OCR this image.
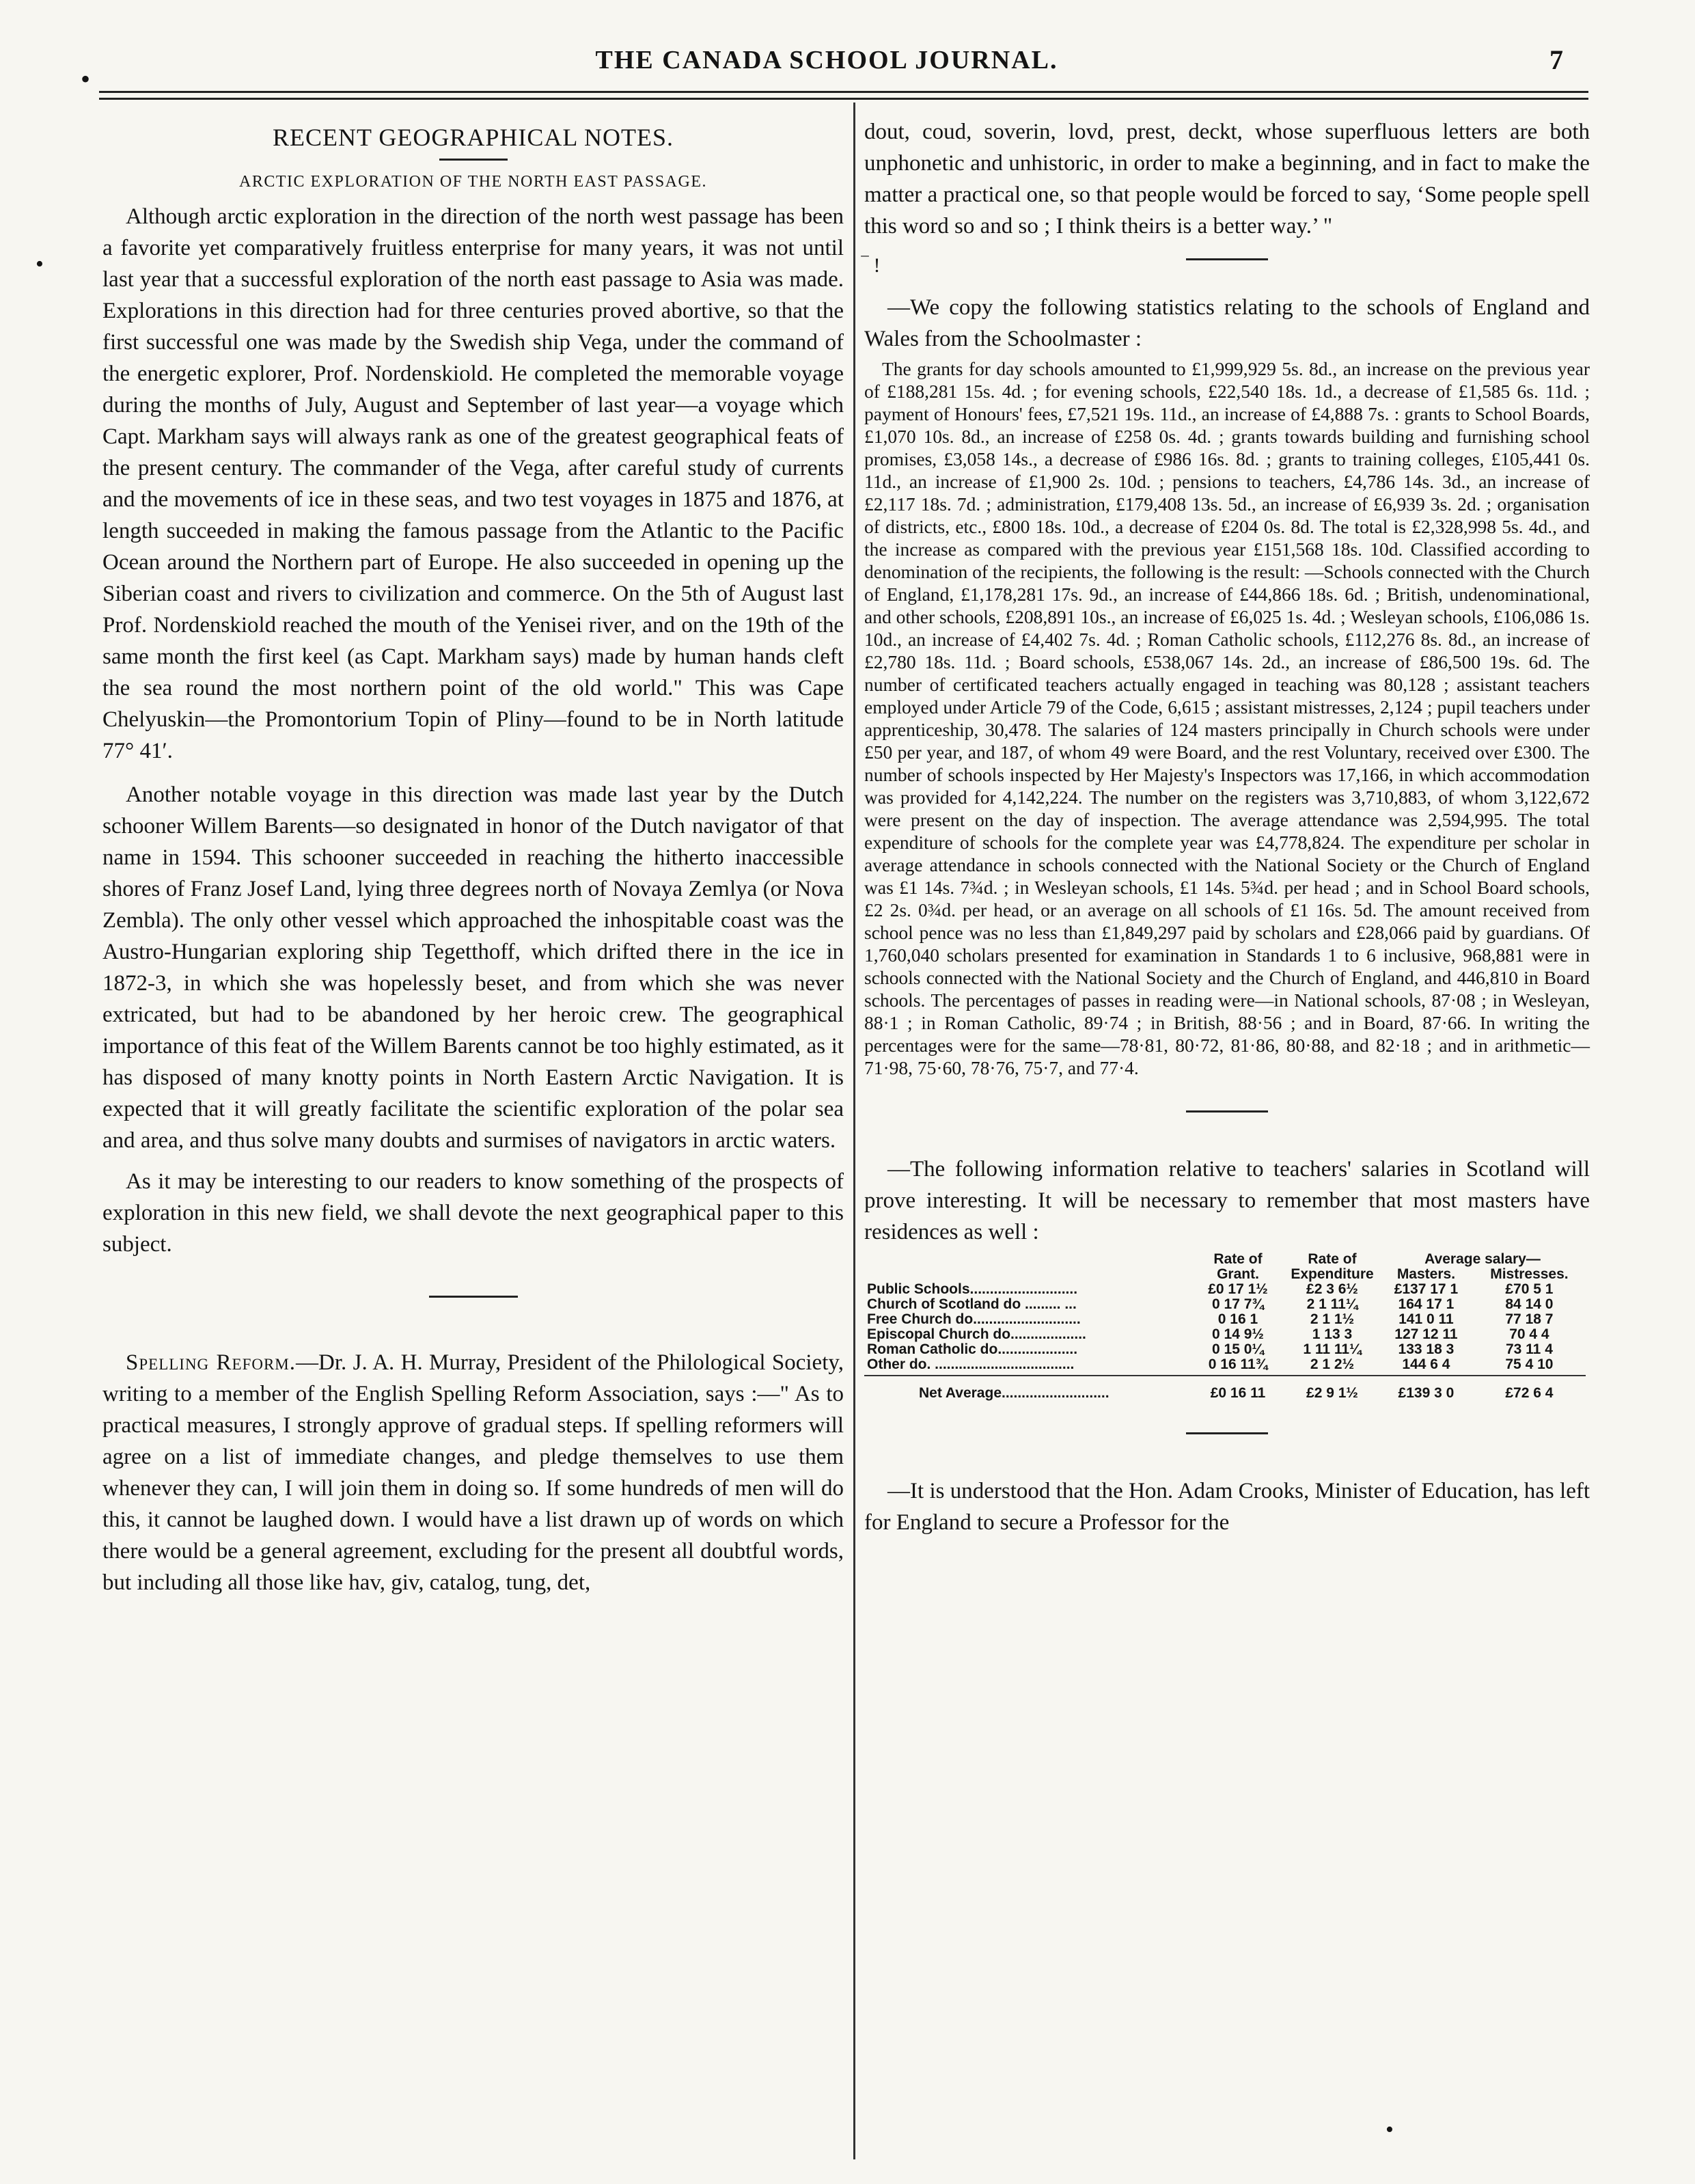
•
THE CANADA SCHOOL JOURNAL.	7
•
•
RECENT GEOGRAPHICAL NOTES.
ARCTIC EXPLORATION OF THE NORTH EAST PASSAGE.

Although arctic exploration in the direction of the north west passage has been a favorite yet comparatively fruitless enterprise for many years, it was not until last year that a successful exploration of the north east passage to Asia was made. Explorations in this direction had for three centuries proved abortive, so that the first successful one was made by the Swedish ship Vega, under the command of the energetic explorer, Prof. Nordenskiold. He completed the memorable voyage during the months of July, August and September of last year—a voyage which Capt. Markham says will always rank as one of the greatest geographical feats of the present century. The commander of the Vega, after careful study of currents and the movements of ice in these seas, and two test voyages in 1875 and 1876, at length succeeded in making the famous passage from the Atlantic to the Pacific Ocean around the Northern part of Europe. He also succeeded in opening up the Siberian coast and rivers to civilization and commerce. On the 5th of August last Prof. Nordenskiold reached the mouth of the Yenisei river, and on the 19th of the same month the first keel (as Capt. Markham says) made by human hands cleft the sea round the most northern point of the old world." This was Cape Chelyuskin—the Promontorium Topin of Pliny—found to be in North latitude 77° 41′.

Another notable voyage in this direction was made last year by the Dutch schooner Willem Barents—so designated in honor of the Dutch navigator of that name in 1594. This schooner succeeded in reaching the hitherto inaccessible shores of Franz Josef Land, lying three degrees north of Novaya Zemlya (or Nova Zembla). The only other vessel which approached the inhospitable coast was the Austro-Hungarian exploring ship Tegetthoff, which drifted there in the ice in 1872-3, in which she was hopelessly beset, and from which she was never extricated, but had to be abandoned by her heroic crew. The geographical importance of this feat of the Willem Barents cannot be too highly estimated, as it has disposed of many knotty points in North Eastern Arctic Navigation. It is expected that it will greatly facilitate the scientific exploration of the polar sea and area, and thus solve many doubts and surmises of navigators in arctic waters.

As it may be interesting to our readers to know something of the prospects of exploration in this new field, we shall devote the next geographical paper to this subject.

Spelling Reform.—Dr. J. A. H. Murray, President of the Philological Society, writing to a member of the English Spelling Reform Association, says :—" As to practical measures, I strongly approve of gradual steps. If spelling reformers will agree on a list of immediate changes, and pledge themselves to use them whenever they can, I will join them in doing so. If some hundreds of men will do this, it cannot be laughed down. I would have a list drawn up of words on which there would be a general agreement, excluding for the present all doubtful words, but including all those like hav, giv, catalog, tung, det,

dout, coud, soverin, lovd, prest, deckt, whose superfluous letters are both unphonetic and unhistoric, in order to make a beginning, and in fact to make the matter a practical one, so that people would be forced to say, ‘Some people spell this word so and so ; I think theirs is a better way.’ "

‾ !

—We copy the following statistics relating to the schools of England and Wales from the Schoolmaster :

The grants for day schools amounted to £1,999,929 5s. 8d., an increase on the previous year of £188,281 15s. 4d. ; for evening schools, £22,540 18s. 1d., a decrease of £1,585 6s. 11d. ; payment of Honours' fees, £7,521 19s. 11d., an increase of £4,888 7s. : grants to School Boards, £1,070 10s. 8d., an increase of £258 0s. 4d. ; grants towards building and furnishing school promises, £3,058 14s., a decrease of £986 16s. 8d. ; grants to training colleges, £105,441 0s. 11d., an increase of £1,900 2s. 10d. ; pensions to teachers, £4,786 14s. 3d., an increase of £2,117 18s. 7d. ; administration, £179,408 13s. 5d., an increase of £6,939 3s. 2d. ; organisation of districts, etc., £800 18s. 10d., a decrease of £204 0s. 8d. The total is £2,328,998 5s. 4d., and the increase as compared with the previous year £151,568 18s. 10d. Classified according to denomination of the recipients, the following is the result: —Schools connected with the Church of England, £1,178,281 17s. 9d., an increase of £44,866 18s. 6d. ; British, undenominational, and other schools, £208,891 10s., an increase of £6,025 1s. 4d. ; Wesleyan schools, £106,086 1s. 10d., an increase of £4,402 7s. 4d. ; Roman Catholic schools, £112,276 8s. 8d., an increase of £2,780 18s. 11d. ; Board schools, £538,067 14s. 2d., an increase of £86,500 19s. 6d. The number of certificated teachers actually engaged in teaching was 80,128 ; assistant teachers employed under Article 79 of the Code, 6,615 ; assistant mistresses, 2,124 ; pupil teachers under apprenticeship, 30,478. The salaries of 124 masters principally in Church schools were under £50 per year, and 187, of whom 49 were Board, and the rest Voluntary, received over £300. The number of schools inspected by Her Majesty's Inspectors was 17,166, in which accommodation was provided for 4,142,224. The number on the registers was 3,710,883, of whom 3,122,672 were present on the day of inspection. The average attendance was 2,594,995. The total expenditure of schools for the complete year was £4,778,824. The expenditure per scholar in average attendance in schools connected with the National Society or the Church of England was £1 14s. 7¾d. ; in Wesleyan schools, £1 14s. 5¾d. per head ; and in School Board schools, £2 2s. 0¾d. per head, or an average on all schools of £1 16s. 5d. The amount received from school pence was no less than £1,849,297 paid by scholars and £28,066 paid by guardians. Of 1,760,040 scholars presented for examination in Standards 1 to 6 inclusive, 968,881 were in schools connected with the National Society and the Church of England, and 446,810 in Board schools. The percentages of passes in reading were—in National schools, 87·08 ; in Wesleyan, 88·1 ; in Roman Catholic, 89·74 ; in British, 88·56 ; and in Board, 87·66. In writing the percentages were for the same—78·81, 80·72, 81·86, 80·88, and 82·18 ; and in arithmetic—71·98, 75·60, 78·76, 75·7, and 77·4.

—The following information relative to teachers' salaries in Scotland will prove interesting. It will be necessary to remember that most masters have residences as well :

	Rate of Grant.	Rate of Expenditure	Average salary—	
			Masters.	Mistresses.
Public Schools...........................	£0 17 1½	£2 3 6½	£137 17 1	£70 5 1
Church of Scotland do ......... ...	0 17 7¾	2 1 11¼	164 17 1	84 14 0
Free Church do...........................	0 16 1	2 1 1½	141 0 11	77 18 7
Episcopal Church do...................	0 14 9½	1 13 3	127 12 11	70 4 4
Roman Catholic do....................	0 15 0¼	1 11 11¼	133 18 3	73 11 4
Other do. ...................................	0 16 11¾	2 1 2½	144 6 4	75 4 10

Net Average...........................	£0 16 11	£2 9 1½	£139 3 0	£72 6 4

—It is understood that the Hon. Adam Crooks, Minister of Education, has left for England to secure a Professor for the
